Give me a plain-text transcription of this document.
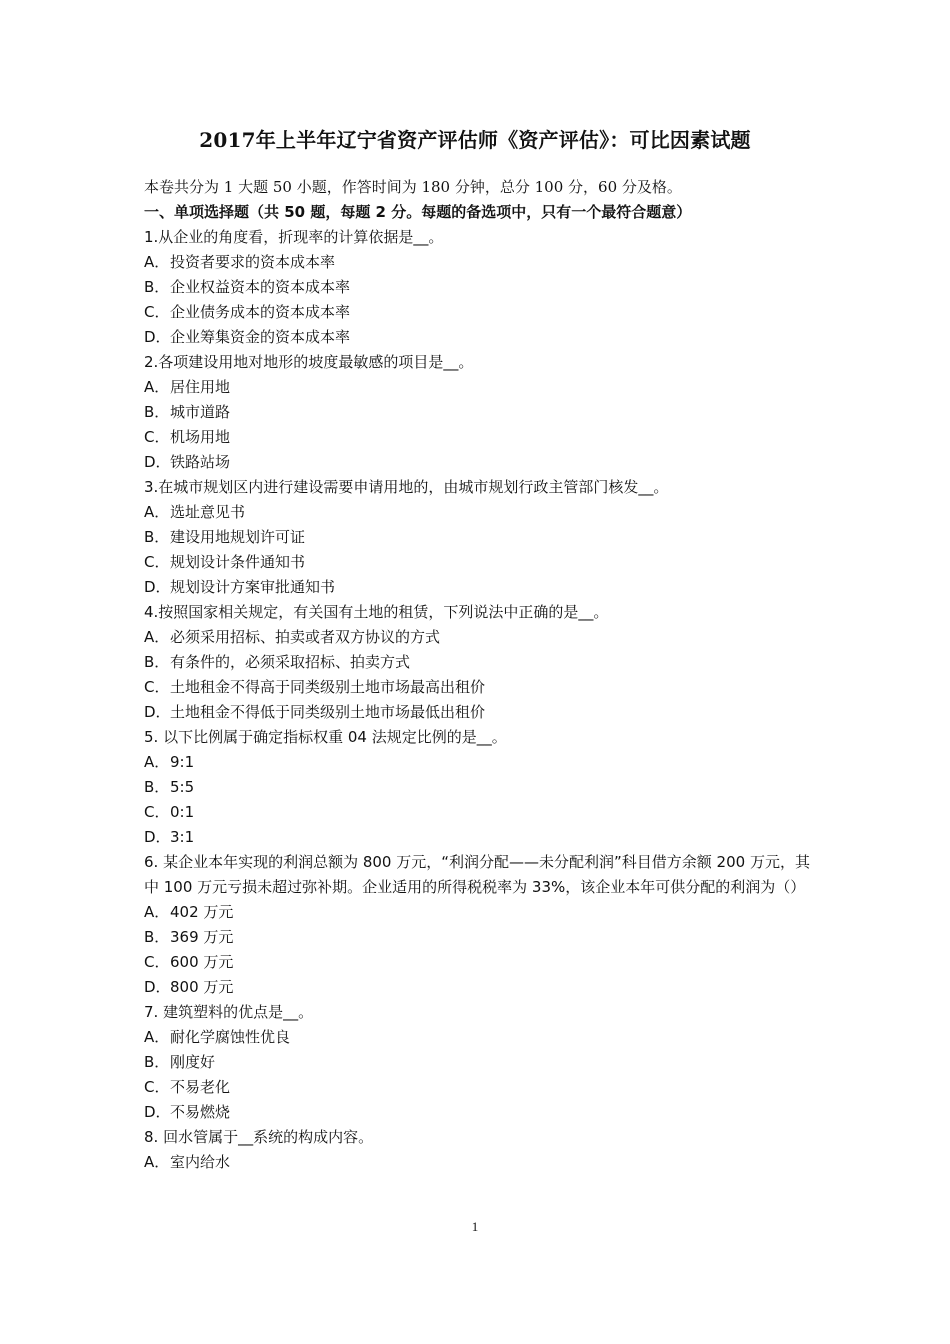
2017年上半年辽宁省资产评估师《资产评估》：可比因素试题
本卷共分为 1 大题 50 小题，作答时间为 180 分钟，总分 100 分，60 分及格。
一、单项选择题（共 50 题，每题 2 分。每题的备选项中，只有一个最符合题意）
1.从企业的角度看，折现率的计算依据是__。
A． 投资者要求的资本成本率
B． 企业权益资本的资本成本率
C． 企业债务成本的资本成本率
D． 企业筹集资金的资本成本率
2.各项建设用地对地形的坡度最敏感的项目是__。
A． 居住用地
B． 城市道路
C． 机场用地
D． 铁路站场
3.在城市规划区内进行建设需要申请用地的，由城市规划行政主管部门核发__。
A． 选址意见书
B． 建设用地规划许可证
C． 规划设计条件通知书
D． 规划设计方案审批通知书
4.按照国家相关规定，有关国有土地的租赁，下列说法中正确的是__。
A． 必须采用招标、拍卖或者双方协议的方式
B． 有条件的，必须采取招标、拍卖方式
C． 土地租金不得高于同类级别土地市场最高出租价
D． 土地租金不得低于同类级别土地市场最低出租价
5. 以下比例属于确定指标权重 04 法规定比例的是__。
A． 9:1
B． 5:5
C． 0:1
D． 3:1
6. 某企业本年实现的利润总额为 800 万元，“利润分配——未分配利润”科目借方余额 200 万元，其中 100 万元亏损未超过弥补期。企业适用的所得税税率为 33%，该企业本年可供分配的利润为（）
A． 402 万元
B． 369 万元
C． 600 万元
D． 800 万元
7. 建筑塑料的优点是__。
A． 耐化学腐蚀性优良
B． 刚度好
C． 不易老化
D． 不易燃烧
8. 回水管属于__系统的构成内容。
A． 室内给水
1
